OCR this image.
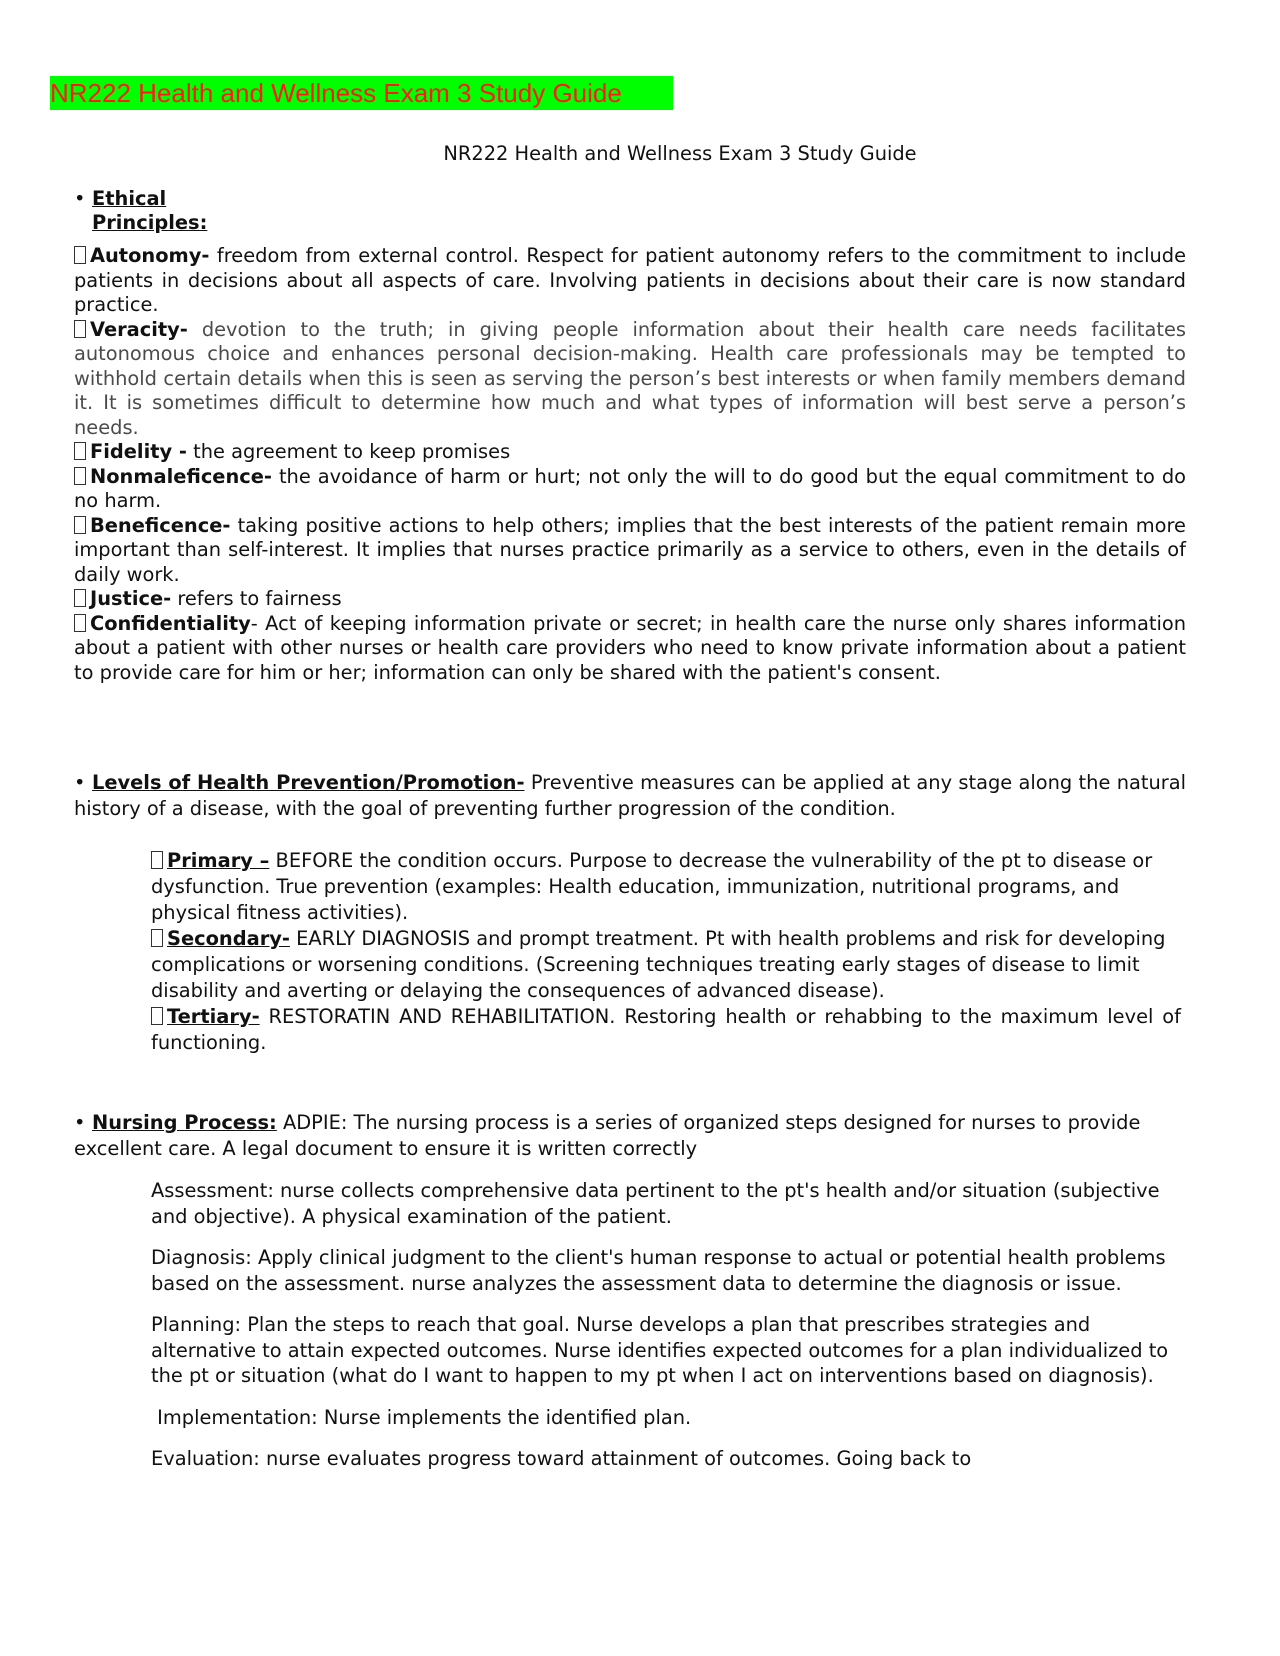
NR222 Health and Wellness Exam 3 Study Guide
NR222 Health and Wellness Exam 3 Study Guide
• Ethical
Principles:

Autonomy- freedom from external control. Respect for patient autonomy refers to the commitment to include patients in decisions about all aspects of care. Involving patients in decisions about their care is now standard practice.

Veracity- devotion to the truth; in giving people information about their health care needs facilitates autonomous choice and enhances personal decision-making. Health care professionals may be tempted to withhold certain details when this is seen as serving the person’s best interests or when family members demand it. It is sometimes difficult to determine how much and what types of information will best serve a person’s needs.

Fidelity - the agreement to keep promises

Nonmaleficence- the avoidance of harm or hurt; not only the will to do good but the equal commitment to do no harm.

Beneficence- taking positive actions to help others; implies that the best interests of the patient remain more important than self-interest. It implies that nurses practice primarily as a service to others, even in the details of daily work.

Justice- refers to fairness

Confidentiality- Act of keeping information private or secret; in health care the nurse only shares information about a patient with other nurses or health care providers who need to know private information about a patient to provide care for him or her; information can only be shared with the patient's consent.

• Levels of Health Prevention/Promotion- Preventive measures can be applied at any stage along the natural history of a disease, with the goal of preventing further progression of the condition.

Primary – BEFORE the condition occurs. Purpose to decrease the vulnerability of the pt to disease or dysfunction. True prevention (examples: Health education, immunization, nutritional programs, and physical fitness activities).

Secondary- EARLY DIAGNOSIS and prompt treatment. Pt with health problems and risk for developing complications or worsening conditions. (Screening techniques treating early stages of disease to limit disability and averting or delaying the consequences of advanced disease).

Tertiary- RESTORATIN AND REHABILITATION. Restoring health or rehabbing to the maximum level of functioning.

• Nursing Process: ADPIE: The nursing process is a series of organized steps designed for nurses to provide excellent care. A legal document to ensure it is written correctly

Assessment: nurse collects comprehensive data pertinent to the pt's health and/or situation (subjective and objective). A physical examination of the patient.

Diagnosis: Apply clinical judgment to the client's human response to actual or potential health problems based on the assessment. nurse analyzes the assessment data to determine the diagnosis or issue.

Planning: Plan the steps to reach that goal. Nurse develops a plan that prescribes strategies and alternative to attain expected outcomes. Nurse identifies expected outcomes for a plan individualized to the pt or situation (what do I want to happen to my pt when I act on interventions based on diagnosis).

Implementation: Nurse implements the identified plan.

Evaluation: nurse evaluates progress toward attainment of outcomes. Going back to
